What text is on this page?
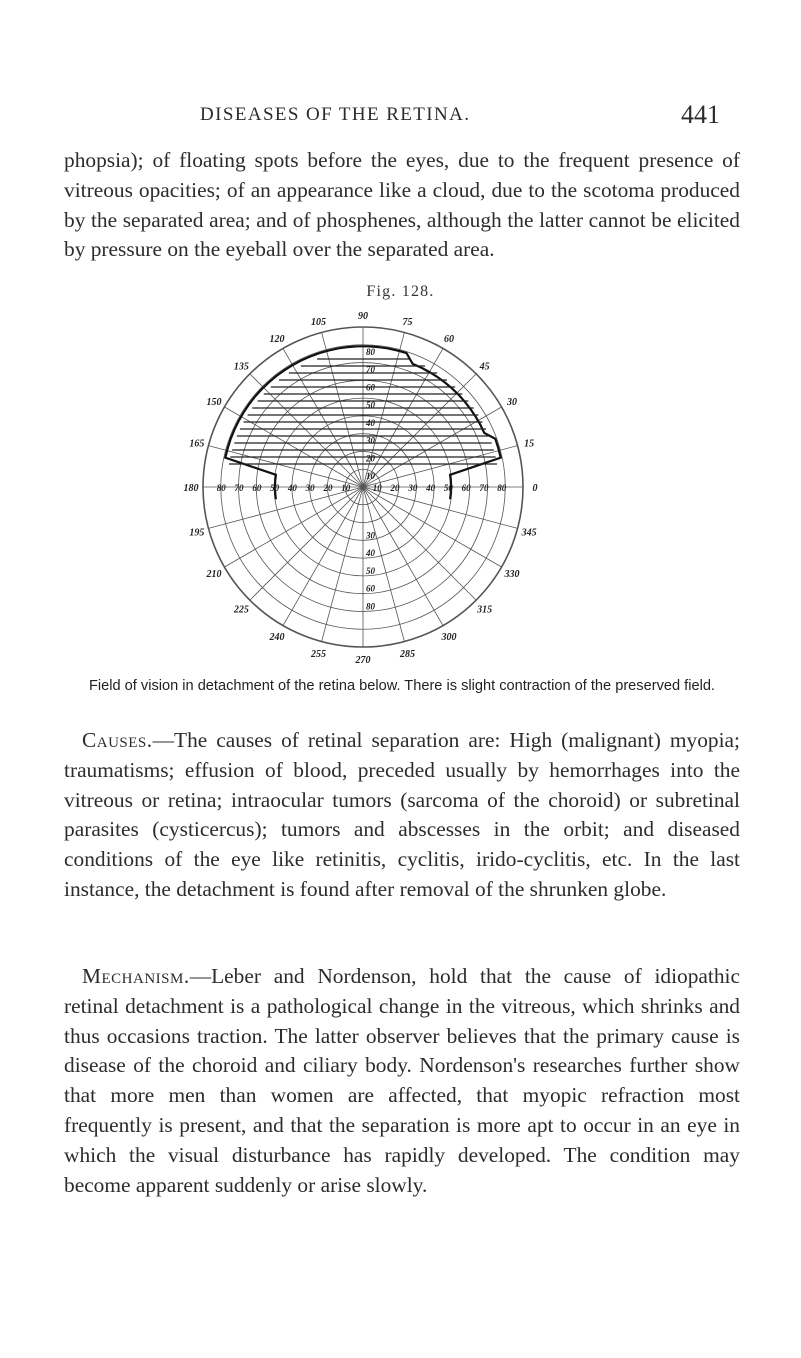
DISEASES OF THE RETINA.	441

phopsia); of floating spots before the eyes, due to the frequent presence of vitreous opacities; of an appearance like a cloud, due to the scotoma produced by the separated area; and of phosphenes, although the latter cannot be elicited by pressure on the eyeball over the separated area.

Fig. 128.
90
75
60
45
30
15
0
345
330
315
300
285
270
255
240
225
210
195
180
165
150
135
120
105
80
70
60
50
40
30
20
10
80	80
70	70
60	60
50	50
40	40
30	30
20	20
10	10
30
40
50
60
80
Field of vision in detachment of the retina below. There is slight contraction of the preserved field.

Causes.—The causes of retinal separation are: High (malignant) myopia; traumatisms; effusion of blood, preceded usually by hemorrhages into the vitreous or retina; intraocular tumors (sarcoma of the choroid) or subretinal parasites (cysticercus); tumors and abscesses in the orbit; and diseased conditions of the eye like retinitis, cyclitis, irido-cyclitis, etc. In the last instance, the detachment is found after removal of the shrunken globe.

Mechanism.—Leber and Nordenson, hold that the cause of idiopathic retinal detachment is a pathological change in the vitreous, which shrinks and thus occasions traction. The latter observer believes that the primary cause is disease of the choroid and ciliary body. Nordenson's researches further show that more men than women are affected, that myopic refraction most frequently is present, and that the separation is more apt to occur in an eye in which the visual disturbance has rapidly developed. The condition may become apparent suddenly or arise slowly.
